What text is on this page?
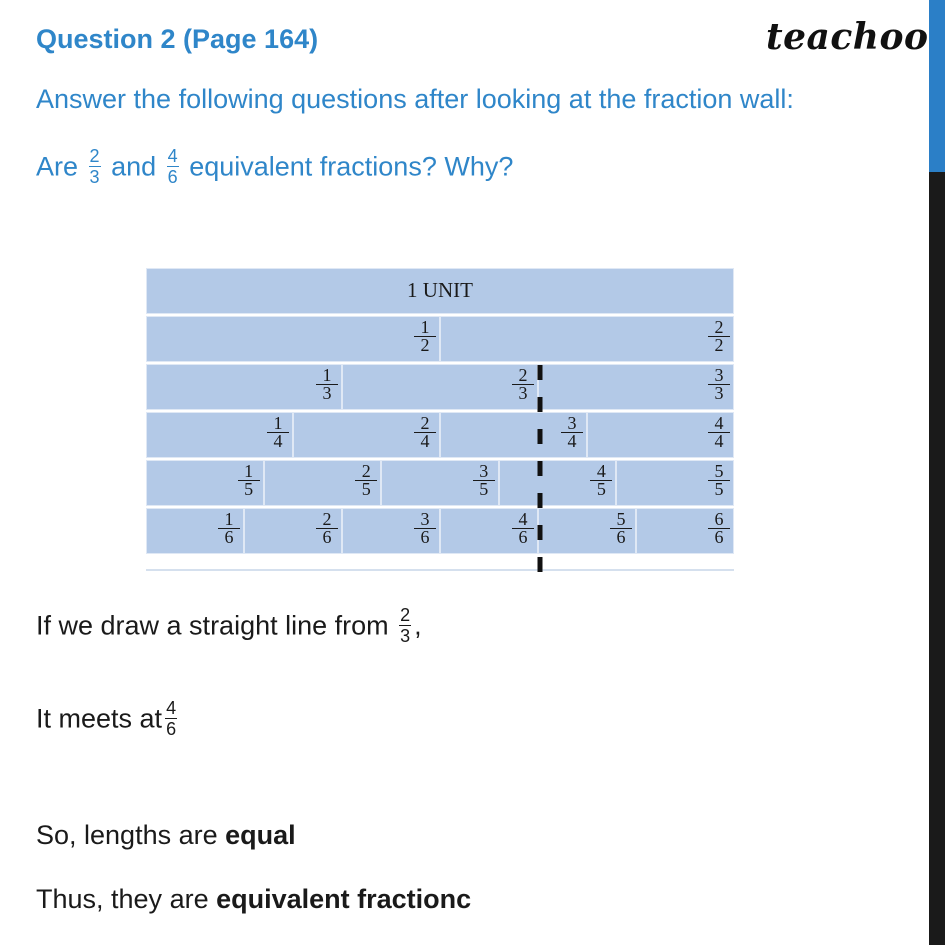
Question 2 (Page 164)	teachoo
Answer the following questions after looking at the fraction wall:
Are $\frac{2}{3}$ and $\frac{4}{6}$ equivalent fractions? Why?
1 UNIT
$\frac{1}{2}$	$\frac{2}{2}$
$\frac{1}{3}$	$\frac{2}{3}$	$\frac{3}{3}$
$\frac{1}{4}$	$\frac{2}{4}$	$\frac{3}{4}$	$\frac{4}{4}$
$\frac{1}{5}$	$\frac{2}{5}$	$\frac{3}{5}$	$\frac{4}{5}$	$\frac{5}{5}$
$\frac{1}{6}$	$\frac{2}{6}$	$\frac{3}{6}$	$\frac{4}{6}$	$\frac{5}{6}$	$\frac{6}{6}$
If we draw a straight line from $\frac{2}{3}$ ,
It meets at $\frac{4}{6}$
So, lengths are equal
Thus, they are equivalent fractionc
